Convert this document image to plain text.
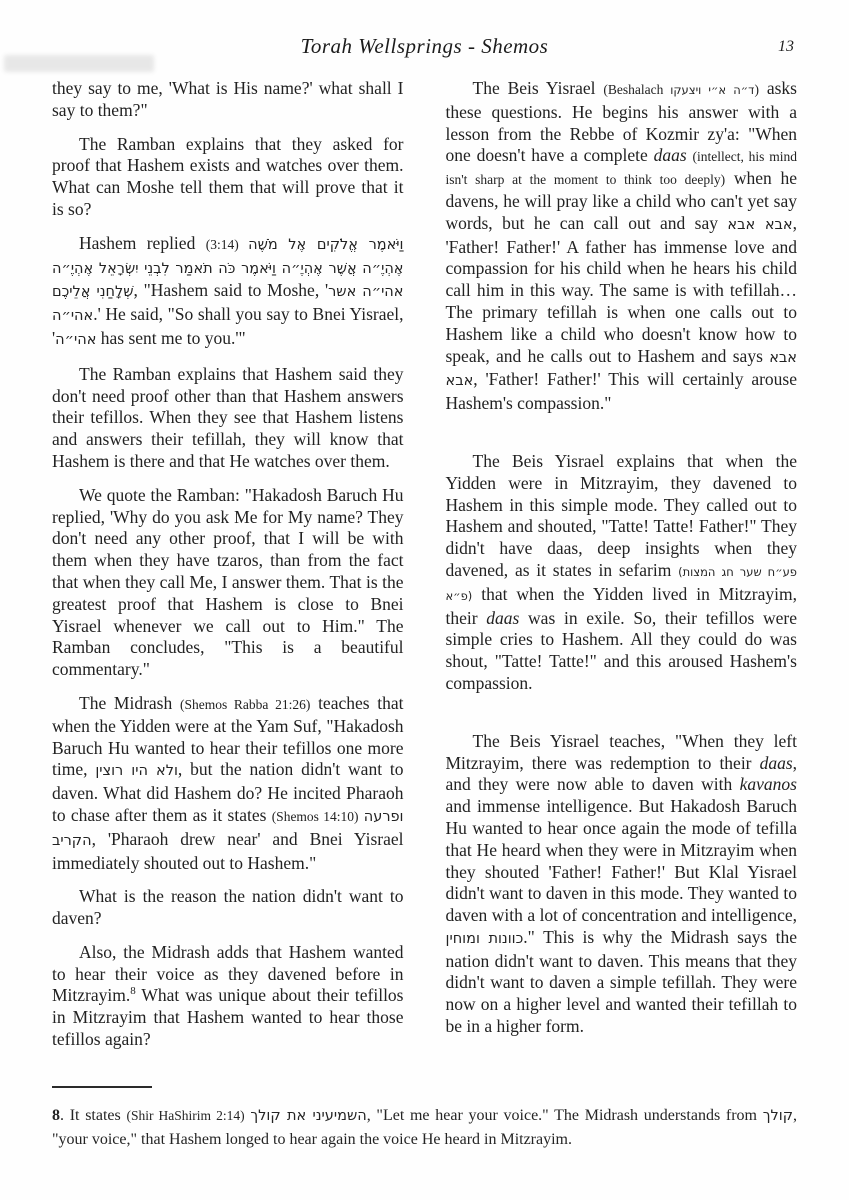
Torah Wellsprings - Shemos	13

they say to me, 'What is His name?' what shall I say to them?"

The Ramban explains that they asked for proof that Hashem exists and watches over them. What can Moshe tell them that will prove that it is so?

Hashem replied (3:14) וַיֹּאמֶר אֱלֹקִים אֶל מֹשֶׁה אֶהְיֶ״ה אֲשֶׁר אֶהְיֶ״ה וַיֹּאמֶר כֹּה תֹאמַר לִבְנֵי יִשְׂרָאֵל אֶהְיֶ״ה שְׁלָחַנִי אֲלֵיכֶם, "Hashem said to Moshe, 'אהי״ה אשר אהי״ה.' He said, "So shall you say to Bnei Yisrael, 'אהי״ה has sent me to you.'"

The Ramban explains that Hashem said they don't need proof other than that Hashem answers their tefillos. When they see that Hashem listens and answers their tefillah, they will know that Hashem is there and that He watches over them.

We quote the Ramban: "Hakadosh Baruch Hu replied, 'Why do you ask Me for My name? They don't need any other proof, that I will be with them when they have tzaros, than from the fact that when they call Me, I answer them. That is the greatest proof that Hashem is close to Bnei Yisrael whenever we call out to Him." The Ramban concludes, "This is a beautiful commentary."

The Midrash (Shemos Rabba 21:26) teaches that when the Yidden were at the Yam Suf, "Hakadosh Baruch Hu wanted to hear their tefillos one more time, ולא היו רוצין, but the nation didn't want to daven. What did Hashem do? He incited Pharaoh to chase after them as it states (Shemos 14:10) ופרעה הקריב, 'Pharaoh drew near' and Bnei Yisrael immediately shouted out to Hashem."

What is the reason the nation didn't want to daven?

Also, the Midrash adds that Hashem wanted to hear their voice as they davened before in Mitzrayim.$^8$ What was unique about their tefillos in Mitzrayim that Hashem wanted to hear those tefillos again?

The Beis Yisrael (Beshalach ד״ה א״י ויצעקו) asks these questions. He begins his answer with a lesson from the Rebbe of Kozmir zy'a: "When one doesn't have a complete daas (intellect, his mind isn't sharp at the moment to think too deeply) when he davens, he will pray like a child who can't yet say words, but he can call out and say אבא אבא, 'Father! Father!' A father has immense love and compassion for his child when he hears his child call him in this way. The same is with tefillah… The primary tefillah is when one calls out to Hashem like a child who doesn't know how to speak, and he calls out to Hashem and says אבא אבא, 'Father! Father!' This will certainly arouse Hashem's compassion."

The Beis Yisrael explains that when the Yidden were in Mitzrayim, they davened to Hashem in this simple mode. They called out to Hashem and shouted, "Tatte! Tatte! Father!" They didn't have daas, deep insights when they davened, as it states in sefarim (פע״ח שער חג המצות פ״א) that when the Yidden lived in Mitzrayim, their daas was in exile. So, their tefillos were simple cries to Hashem. All they could do was shout, "Tatte! Tatte!" and this aroused Hashem's compassion.

The Beis Yisrael teaches, "When they left Mitzrayim, there was redemption to their daas, and they were now able to daven with kavanos and immense intelligence. But Hakadosh Baruch Hu wanted to hear once again the mode of tefilla that He heard when they were in Mitzrayim when they shouted 'Father! Father!' But Klal Yisrael didn't want to daven in this mode. They wanted to daven with a lot of concentration and intelligence, כוונות ומוחין." This is why the Midrash says the nation didn't want to daven. This means that they didn't want to daven a simple tefillah. They were now on a higher level and wanted their tefillah to be in a higher form.

8. It states (Shir HaShirim 2:14) השמיעיני את קולך, "Let me hear your voice." The Midrash understands from קולך, "your voice," that Hashem longed to hear again the voice He heard in Mitzrayim.
